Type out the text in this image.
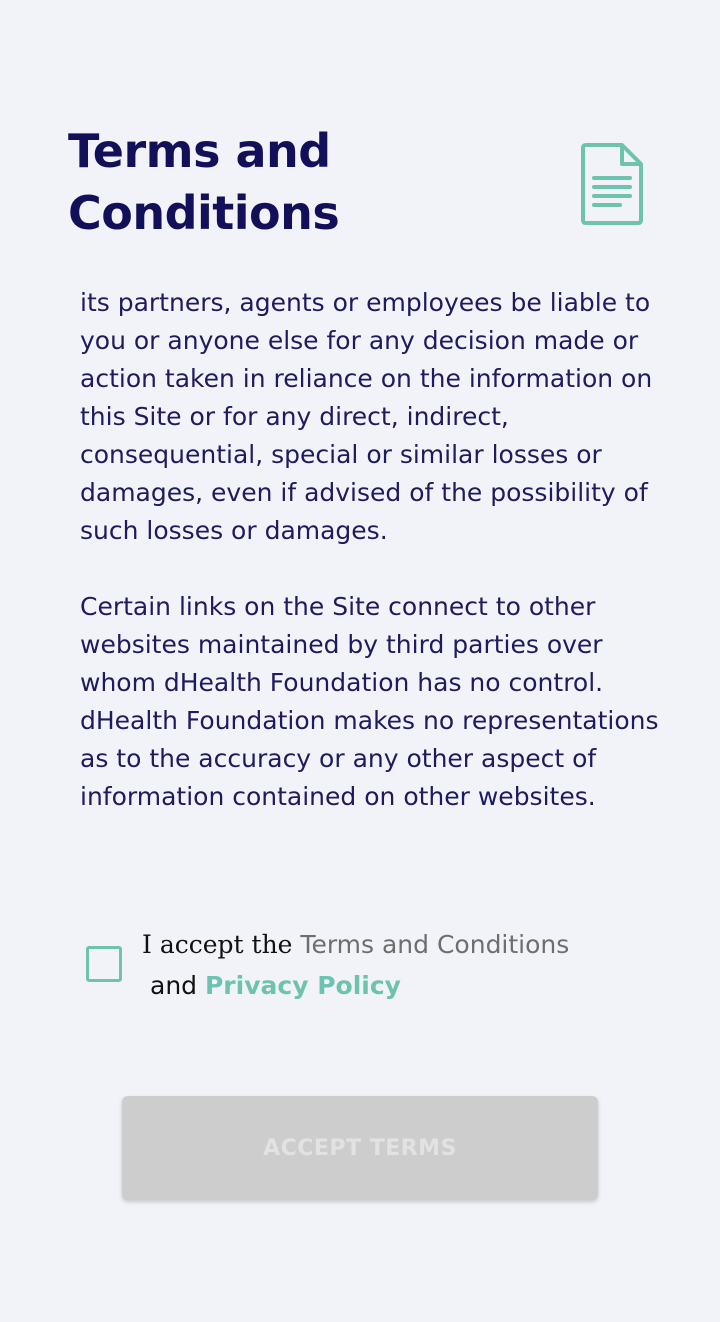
Terms and Conditions

its partners, agents or employees be liable to you or anyone else for any decision made or action taken in reliance on the information on this Site or for any direct, indirect, consequential, special or similar losses or damages, even if advised of the possibility of such losses or damages.

Certain links on the Site connect to other websites maintained by third parties over whom dHealth Foundation has no control. dHealth Foundation makes no representations as to the accuracy or any other aspect of information contained on other websites.

I accept the Terms and Conditions
and Privacy Policy
ACCEPT TERMS
